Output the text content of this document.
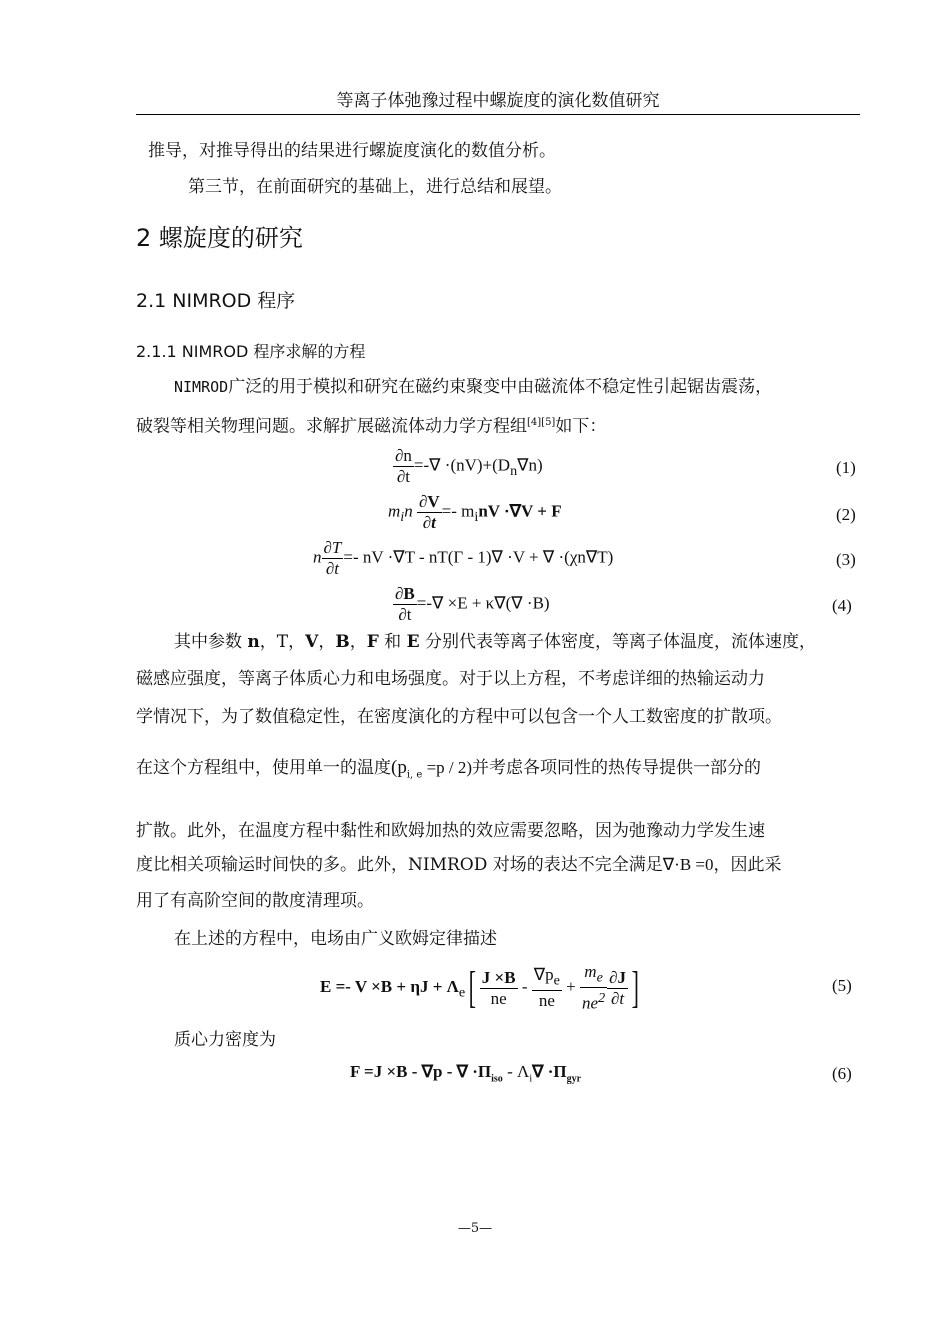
等离子体弛豫过程中螺旋度的演化数值研究
推导，对推导得出的结果进行螺旋度演化的数值分析。
第三节，在前面研究的基础上，进行总结和展望。
2 螺旋度的研究
2.1 NIMROD 程序
2.1.1 NIMROD 程序求解的方程
NIMROD广泛的用于模拟和研究在磁约束聚变中由磁流体不稳定性引起锯齿震荡，
破裂等相关物理问题。求解扩展磁流体动力学方程组[4][5]如下：
$\frac{\partial n}{\partial t}$ =-∇ $\cdot(nV)+(D_n\nabla n)$	(1)
$m_in \frac{\partial V}{\partial t} =- m_inV \cdot\nabla V + F$	(2)
n $\frac{\partial T}{\partial t}$ =- nV ·∇T - nT(Γ - 1)∇ ·V + ∇ ·(χn∇T)	(3)
$\frac{\partial B}{\partial t}$ =-∇ ×E + κ∇(∇ ·B)	(4)
其中参数 n，T，V，B，F 和 E 分别代表等离子体密度，等离子体温度，流体速度，
磁感应强度，等离子体质心力和电场强度。对于以上方程，不考虑详细的热输运动力
学情况下，为了数值稳定性，在密度演化的方程中可以包含一个人工数密度的扩散项。
在这个方程组中，使用单一的温度$(p_{i, e} =p / 2)$并考虑各项同性的热传导提供一部分的
扩散。此外，在温度方程中黏性和欧姆加热的效应需要忽略，因为弛豫动力学发生速
度比相关项输运时间快的多。此外，NIMROD 对场的表达不完全满足∇·B =0，因此采
用了有高阶空间的散度清理项。
在上述的方程中，电场由广义欧姆定律描述
$E =- V \times B + \eta J + \Lambda_e[ \frac{J \times B}{ne} - \frac{\nabla p_e}{ne} + \frac{m_e}{ne^2} \frac{\partial J}{\partial t}$ ]	(5)
质心力密度为
F =J ×B - ∇p - ∇ $\cdot\Pi_{iso} - \Lambda_i\nabla \cdot\Pi_{gyr}$	(6)
—5—
